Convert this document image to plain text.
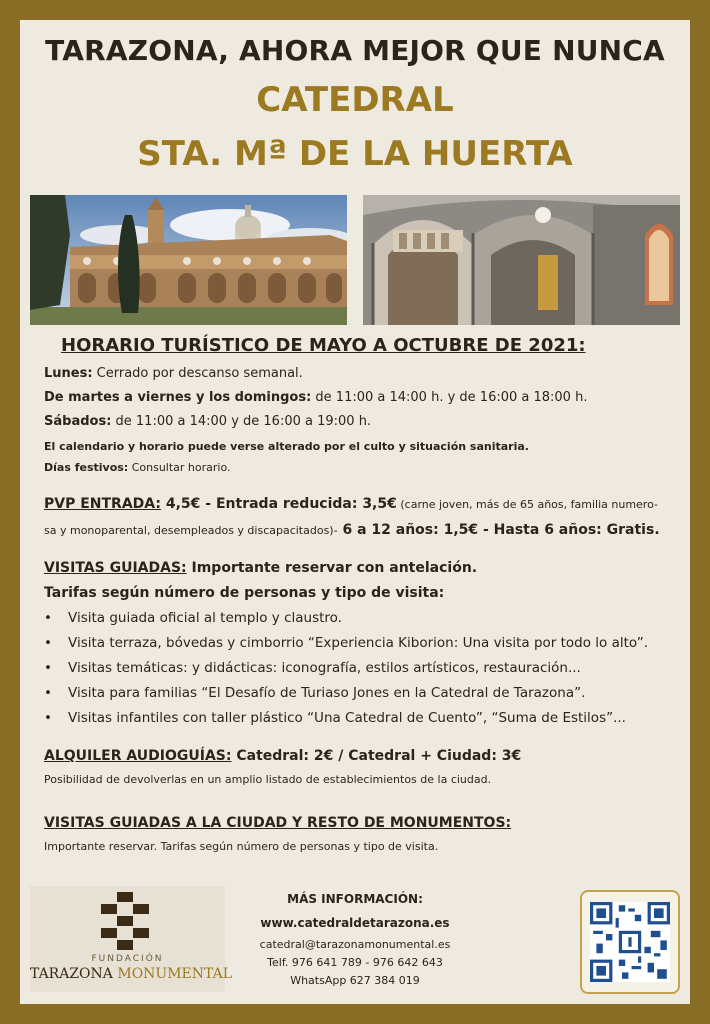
TARAZONA, AHORA MEJOR QUE NUNCA
CATEDRAL
STA. Mª DE LA HUERTA
HORARIO TURÍSTICO DE MAYO A OCTUBRE DE 2021:
Lunes: Cerrado por descanso semanal.
De martes a viernes y los domingos: de 11:00 a 14:00 h. y de 16:00 a 18:00 h.
Sábados: de 11:00 a 14:00 y de 16:00 a 19:00 h.
El calendario y horario puede verse alterado por el culto y situación sanitaria.
Días festivos: Consultar horario.
PVP ENTRADA: 4,5€ - Entrada reducida: 3,5€ (carne joven, más de 65 años, familia numero-
sa y monoparental, desempleados y discapacitados)- 6 a 12 años: 1,5€ - Hasta 6 años: Gratis.
VISITAS GUIADAS: Importante reservar con antelación.
Tarifas según número de personas y tipo de visita:
• Visita guiada oficial al templo y claustro.
• Visita terraza, bóvedas y cimborrio “Experiencia Kiborion: Una visita por todo lo alto”.
• Visitas temáticas: y didácticas: iconografía, estilos artísticos, restauración...
• Visita para familias “El Desafío de Turiaso Jones en la Catedral de Tarazona”.
• Visitas infantiles con taller plástico “Una Catedral de Cuento”, “Suma de Estilos”...
ALQUILER AUDIOGUÍAS: Catedral: 2€ / Catedral + Ciudad: 3€
Posibilidad de devolverlas en un amplio listado de establecimientos de la ciudad.
VISITAS GUIADAS A LA CIUDAD Y RESTO DE MONUMENTOS:
Importante reservar. Tarifas según número de personas y tipo de visita.
FUNDACIÓN
TARAZONA MONUMENTAL
MÁS INFORMACIÓN:
www.catedraldetarazona.es
catedral@tarazonamonumental.es
Telf. 976 641 789 - 976 642 643
WhatsApp 627 384 019
